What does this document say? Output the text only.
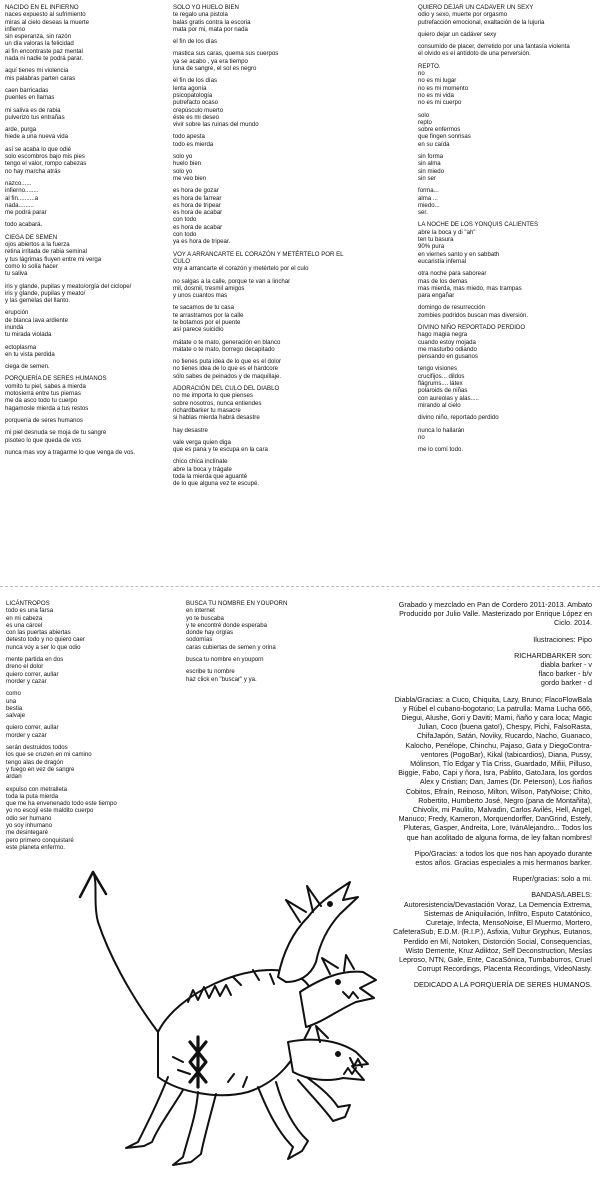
NACIDO EN EL INFIERNO
naces expuesto al sufrimiento
miras al cielo deseas la muerte
infierno
sin esperanza, sin razón
un día valoras la felicidad
al fin encontraste paz mental
nada ni nadie te podrá parar.
aquí tienes mi violencia
mis palabras parten caras
caen barricadas
puentes en llamas
mi saliva es de rabia
pulverizo tus entrañas
arde, purga
hiede a una nueva vida
así se acaba lo que odié
solo escombros bajo mis pies
tengo el valor, rompo cabezas
no hay marcha atrás
nazco......
infierno........
al fin..........a
nada.........
me podrá parar
todo acabará.
CIEGA DE SEMEN
ojos abiertos a la fuerza
retina irritada de rabia seminal
y tus lágrimas fluyen entre mi verga
como lo solía hacer
tu saliva
iris y glande, pupilas y meato/orgía del ciclope/
iris y glande, pupilas y meato/
y las gemelas del llanto.
erupción
de blanca lava ardiente
inunda
tu mirada violada
ectoplasma
en tu vista perdida
ciega de semen.
PORQUERÍA DE SERES HUMANOS
vomito tu piel, sabes a mierda
motosierra entre tus piernas
me da asco todo tu cuerpo
hagamosle mierda a tus restos
porquería de seres humanos
mi piel desnuda se moja de tu sangre
pisoteo lo que queda de vos
nunca mas voy a tragarme lo que venga de vos.
SOLO YO HUELO BIEN
te regalo una pistola
balas gratis contra la escoria
mata por mi, mata por nada
el fin de los días
mastica sus caras, quema sus cuerpos
ya se acabo , ya era tiempo
luna de sangre, el sol es negro
el fin de los días
lenta agonía
psicopatología
putrefacto ocaso
crepúsculo muerto
éste es mi deseo
vivir sobre las ruinas del mundo
todo apesta
todo es mierda
solo yo
huelo bien
solo yo
me veo bien
es hora de gozar
es hora de farrear
es hora de tripear
es hora de acabar
con todo
es hora de acabar
con todo
ya es hora de tripear.
VOY A ARRANCARTE EL CORAZÓN Y METÉRTELO POR EL CULO
voy a arrancarte el corazón y metértelo por el culo
no salgas a la calle, porque te van a linchar
mil, dosmil, tresmil amigos
y unos cuantos mas
te sacamos de tu casa
te arrastramos por la calle
te botamos por el puente
así parece suicidio
mátate o te mato, generación en blanco
mátate o te mato, borrego decapitado
no tienes puta idea de lo que es el dolor
no tienes idea de lo que es el hardcore
sólo sabes de peinados y de maquillaje.
ADORACIÓN DEL CULO DEL DIABLO
no me importa lo que pienses
sobre nosotros, nunca entiendes
richardbarker tu masacre
si hablas mierda habrá desastre
hay desastre
vale verga quien diga
que es pana y te escupa en la cara
chico chica inclínate
abre la boca y trágate
toda la mierda que aguanté
de lo que alguna vez te escupé.
QUIERO DEJAR UN CADAVER UN SEXY
odio y sexo, muerte por orgasmo
putrefacción emocional, exaltación de la lujuria
quiero dejar un cadáver sexy
consumido de placer, derretido por una fantasía violenta
el olvido es el antídoto de una perversión.
REPTO.
no
no es mi lugar
no es mi momento
no es mi vida
no es mi cuerpo
solo
repto
sobre enfermos
que fingen sonrisas
en su caída
sin forma
sin alma
sin miedo
sin ser
forma...
alma ...
miedo...
ser.
LA NOCHE DE LOS YONQUIS CALIENTES
abre la boca y di "ah"
ten tu basura
90% pura
en viernes santo y en sabbath
eucaristía infernal
otra noche para saborear
mas de los demas
mas mierda, mas miedo, mas trampas
para engañar
domingo de resurrección
zombies podridos buscan mas diversión.
DIVINO NIÑO REPORTADO PERDIDO
hago magia negra
cuando estoy mojada
me masturbo odiando
pensando en gusanos
tengo visiones
crucifijos... dildos
flágrums.... látex
polaroids de niñas
con aureolas y alas.....
mirando al cielo
divino niño, reportado perdido
nunca lo hallarán
no
me lo comí todo.
LICÁNTROPOS
todo es una farsa
en mi cabeza
es una cárcel
con las puertas abiertas
detesto todo y no quiero caer
nunca voy a ser lo que odio
mente partida en dos
dreno el dolor
quiero correr, aullar
morder y cazar
como
una
bestia
salvaje
quiero correr, aullar
morder y cazar
serán destruidos todos
los que se cruzen en mi camino
tengo alas de dragón
y fuego en vez de sangre
ardan
expulso con metralleta
toda la puta mierda
que me ha envenenado todo este tiempo
yo no escojí este maldito cuerpo
odio ser humano
yo soy inhumano
me desintegaré
pero primero conquistaré
este planeta enfermo.
BUSCA TU NOMBRE EN YOUPORN
en internet
yo te buscaba
y te encontré donde esperaba
donde hay orgías
sodomías
caras cubiertas de semen y orina
busca tu nombre en youporn
escribe tu nombre
haz click en "buscar" y ya.

Grabado y mezclado en Pan de Cordero 2011-2013. Ambato
Producido por Julio Valle. Masterizado por Enrique López en
Ciclo. 2014.

Ilustraciones: Pipo

RICHARDBARKER son:
diabla barker - v
flaco barker - b/v
gordo barker - d

Diabla/Gracias: a Cuco, Chiquita, Lazy, Bruno; FlacoFlowBala
y Rúbel el cubano-bogotano; La patrulla: Mama Lucha 666,
Diegui, Alushe, Gori y Daviti; Mami, ñaño y cara loca; Magic
Julian, Coco (buena gato!), Chespy, Pichi, FalsoRasta,
ChifaJapón, Satán, Noviky, Rucardo, Nacho, Guanaco,
Kalocho, Penélope, Chinchu, Pajaso, Gata y DiegoContra-
ventores (PogoBar), Kikal (tabicardios), Diana, Pussy,
Mólinson, Tío Edgar y Tía Criss, Guardado, Mifiii, Pilluso,
Biggie, Fabo, Capi y ñora, Isra, Pablito, GatoJara, los gordos
Alex y Cristian; Dan, James (Dr. Peterson), Los ñaños
Cobitos, Efraín, Reinoso, Milton, Wilson, PatyNoise; Chito,
Robertito, Humberto José, Negro (pana de Montañita),
Chivolix, mi Paulito, Malvadin, Carlos Avilés, Hell, Angel,
Manuco; Fredy, Kameron, Morquendorffer, DanGrind, Estefy,
Pluteras, Gasper, Andreita, Lore, IvánAlejandro... Todos los
que han acolitado de alguna forma, de ley faltan nombres!

Pipo/Gracias: a todos los que nos han apoyado durante
estos años. Gracias especiales a mis hermanos barker.

Ruper/gracias: solo a mi.

BANDAS/LABELS:
Autoresistencia/Devastación Voraz, La Demencia Extrema,
Sistemas de Aniquilación, Infiltro, Esputo Catatónico,
Curetaje, Infecta, MensoNoise, El Muermo, Mortero,
CafeteraSub, E.D.M. (R.I.P.), Asfixia, Vultur Gryphus, Eutanos,
Perdido en Mí, Notoken, Distorción Social, Consequencias,
Wisto Demente, Kruz Adiktoz, Self Deconstruction, Mesías
Leproso, NTN, Gale, Ente, CacaSónica, Tumbaburros, Cruel
Corrupt Recordings, Placenta Recordings, VideoNasty.

DEDICADO A LA PORQUERÍA DE SERES HUMANOS.
